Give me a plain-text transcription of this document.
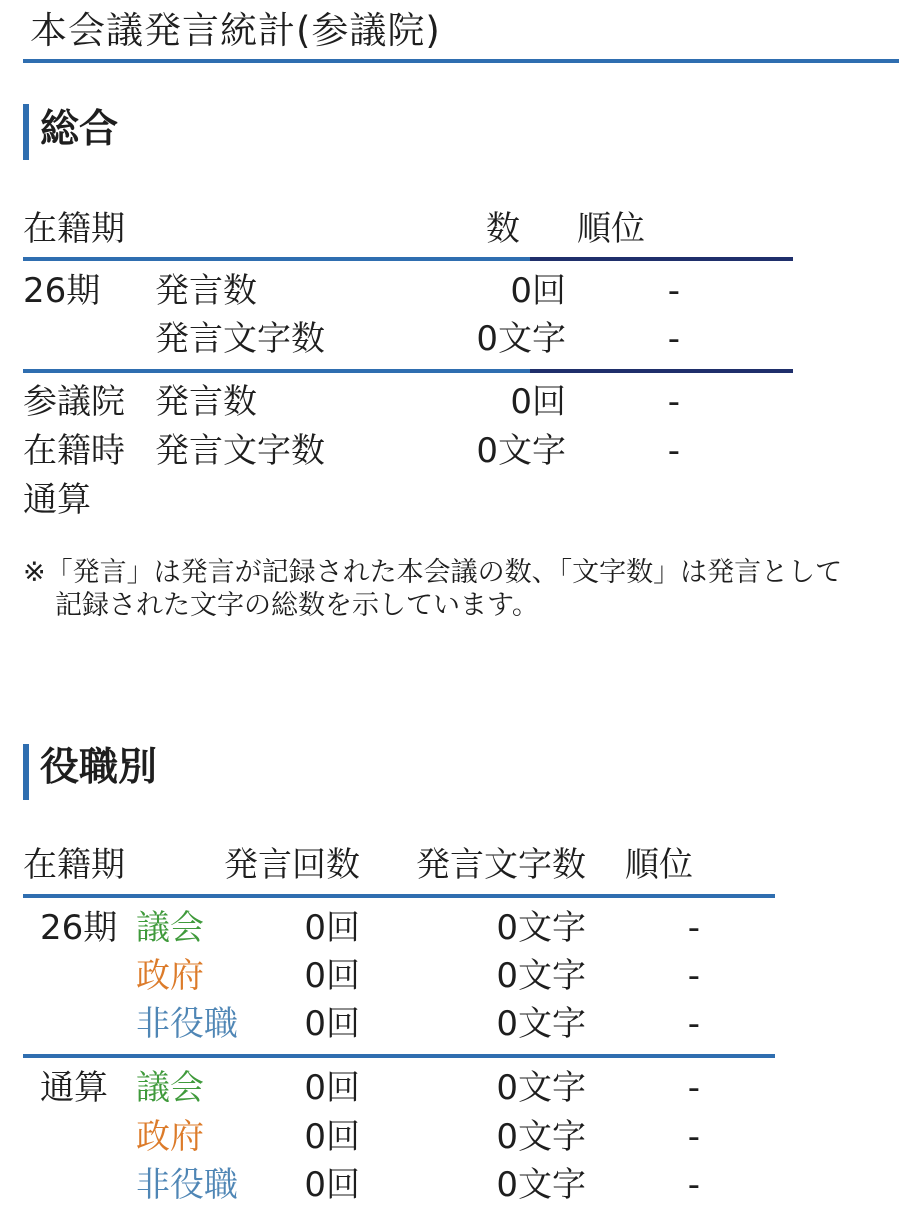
本会議発言統計(参議院)
総合
在籍期	数 順位
26期 発言数	0回	-
発言文字数	0文字	-
参議院
在籍時
通算
発言数	0回	-
発言文字数	0文字	-
※「発言」は発言が記録された本会議の数、「文字数」は発言として
記録された文字の総数を示しています。
役職別
在籍期	発言回数	発言文字数 順位
26期 議会	0回	0文字	-
政府	0回	0文字	-
非役職	0回	0文字	-
通算 議会	0回	0文字	-
政府	0回	0文字	-
非役職	0回	0文字	-
